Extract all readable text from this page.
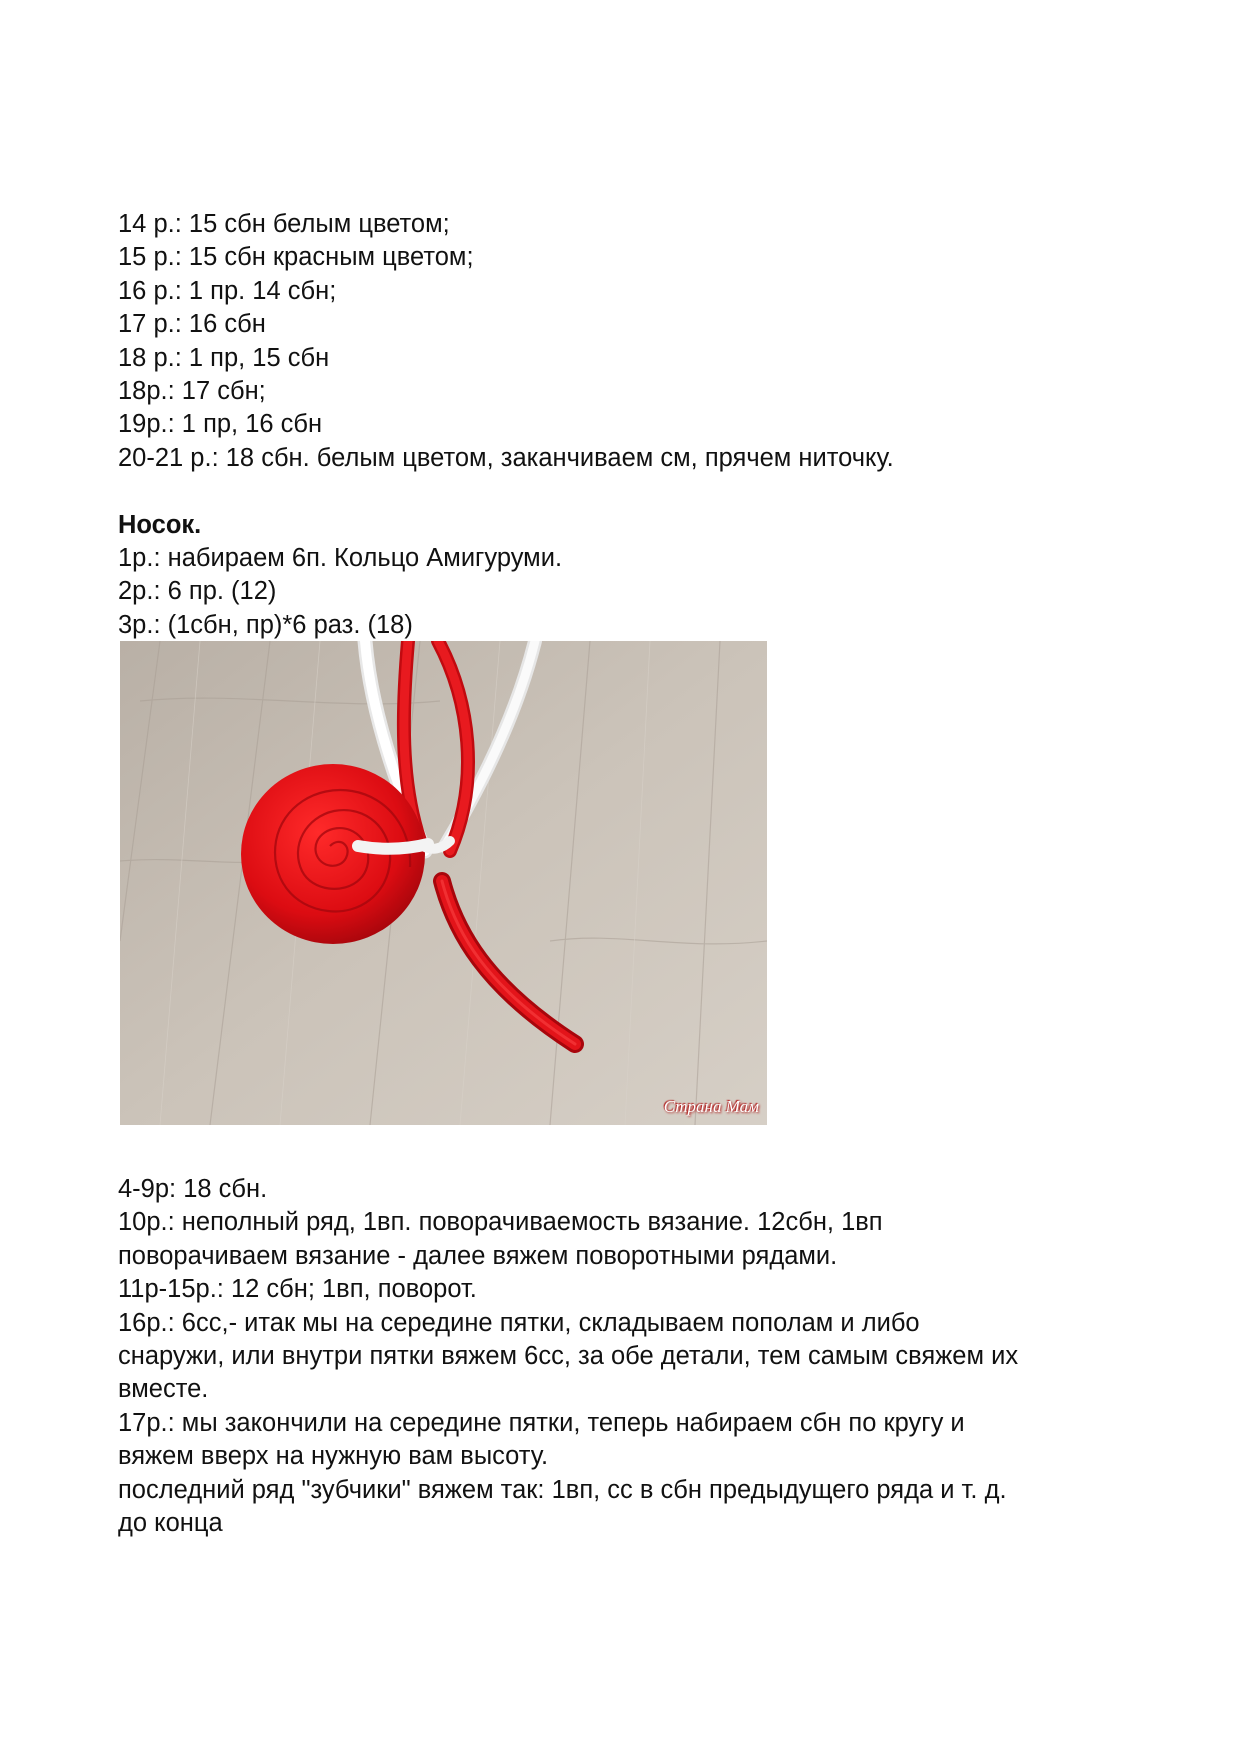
14 р.: 15 сбн белым цветом;

15 р.: 15 сбн красным цветом;

16 р.: 1 пр. 14 сбн;

17 р.: 16 сбн

18 р.: 1 пр, 15 сбн

18р.: 17 сбн;

19р.: 1 пр, 16 сбн

20-21 р.: 18 сбн. белым цветом, заканчиваем см, прячем ниточку.

Носок.

1р.: набираем 6п. Кольцо Амигуруми.

2р.: 6 пр. (12)

3р.: (1сбн, пр)*6 раз. (18)

Страна Мам

4-9р: 18 сбн.

10р.: неполный ряд, 1вп. поворачиваемость вязание. 12сбн, 1вп

поворачиваем вязание - далее вяжем поворотными рядами.

11р-15р.: 12 сбн; 1вп, поворот.

16р.: 6сс,- итак мы на середине пятки, складываем пополам и либо

снаружи, или внутри пятки вяжем 6сс, за обе детали, тем самым свяжем их

вместе.

17р.: мы закончили на середине пятки, теперь набираем сбн по кругу и

вяжем вверх на нужную вам высоту.

последний ряд "зубчики" вяжем так: 1вп, сс в сбн предыдущего ряда и т. д.

до конца
